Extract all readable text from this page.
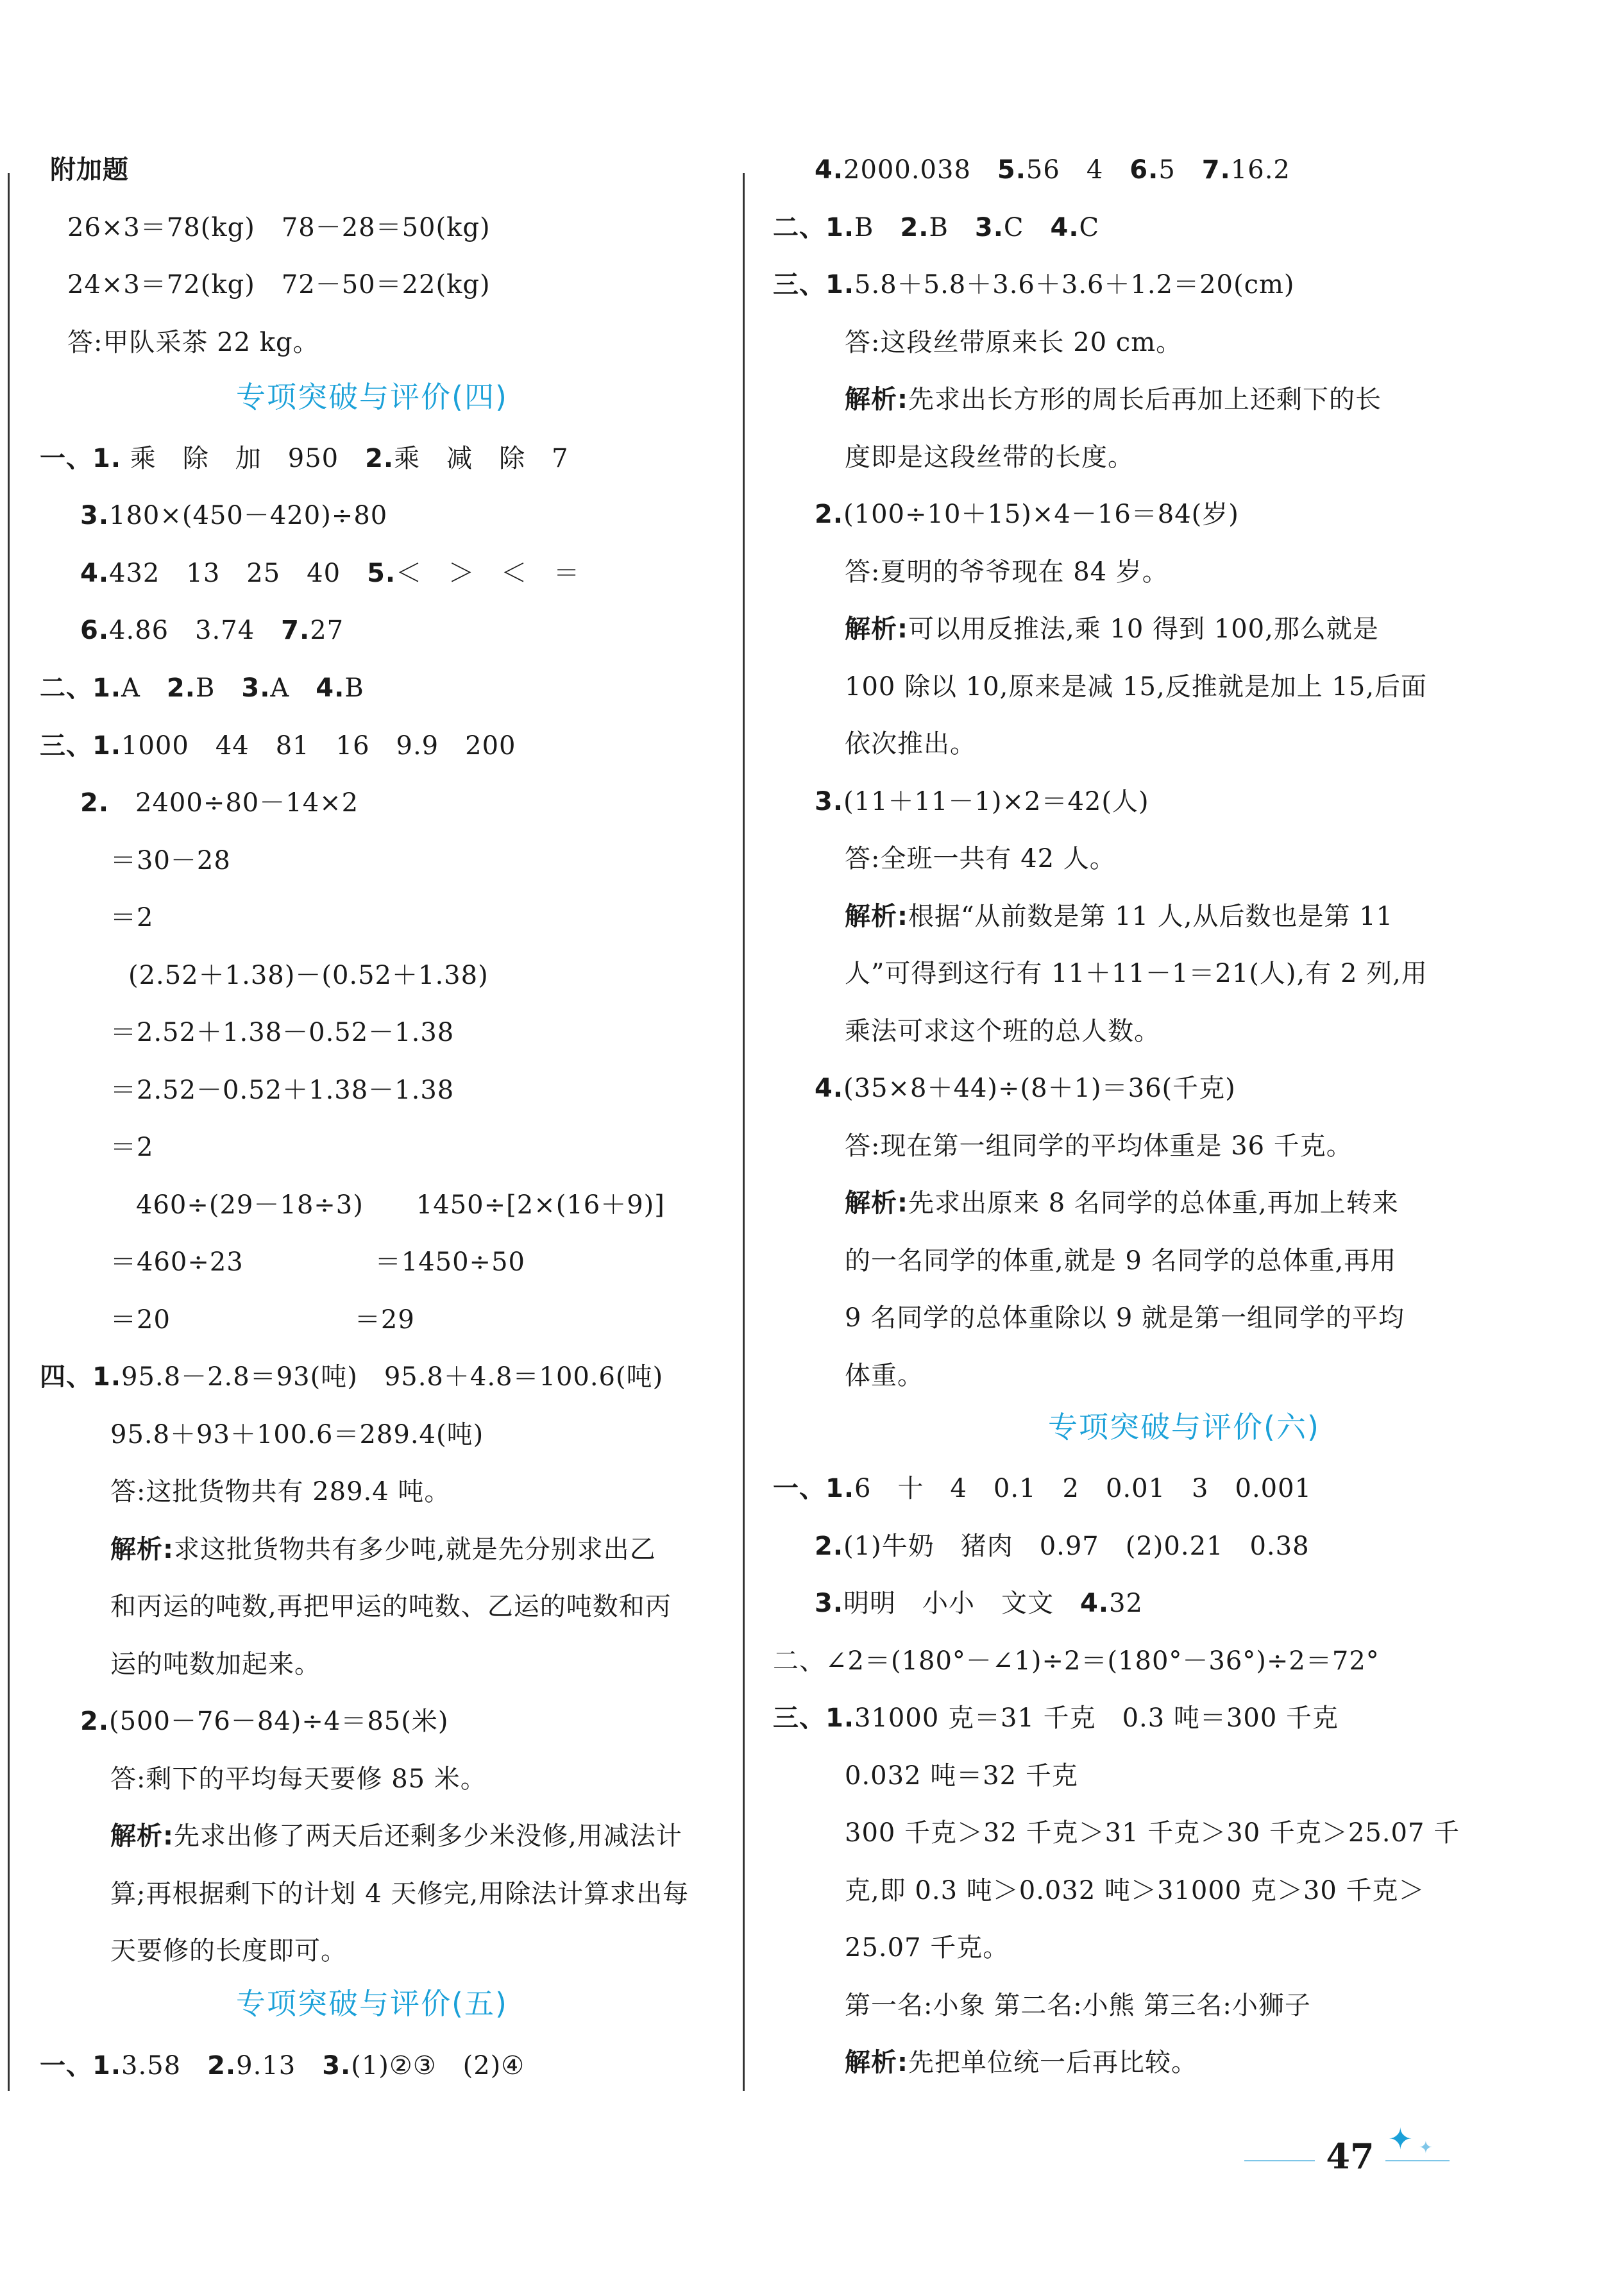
附加题
26×3＝78(kg)　78－28＝50(kg)
24×3＝72(kg)　72－50＝22(kg)
答:甲队采茶 22 kg。
专项突破与评价(四)
一、1. 乘　除　加　950　2.乘　减　除　7
3.180×(450－420)÷80
4.432　13　25　40　5.＜　＞　＜　＝
6.4.86　3.74　7.27
二、1.A　2.B　3.A　4.B
三、1.1000　44　81　16　9.9　200
2.　2400÷80－14×2
＝30－28
＝2
(2.52＋1.38)－(0.52＋1.38)
＝2.52＋1.38－0.52－1.38
＝2.52－0.52＋1.38－1.38
＝2
460÷(29－18÷3)　　1450÷[2×(16＋9)]
＝460÷23　　　　　＝1450÷50
＝20　　　　　　　＝29
四、1.95.8－2.8＝93(吨)　95.8＋4.8＝100.6(吨)
95.8＋93＋100.6＝289.4(吨)
答:这批货物共有 289.4 吨。
解析:求这批货物共有多少吨,就是先分别求出乙
和丙运的吨数,再把甲运的吨数、乙运的吨数和丙
运的吨数加起来。
2.(500－76－84)÷4＝85(米)
答:剩下的平均每天要修 85 米。
解析:先求出修了两天后还剩多少米没修,用减法计
算;再根据剩下的计划 4 天修完,用除法计算求出每
天要修的长度即可。
专项突破与评价(五)
一、1.3.58　2.9.13　3.(1)②③　(2)④
4.2000.038　5.56　4　6.5　7.16.2
二、1.B　2.B　3.C　4.C
三、1.5.8＋5.8＋3.6＋3.6＋1.2＝20(cm)
答:这段丝带原来长 20 cm。
解析:先求出长方形的周长后再加上还剩下的长
度即是这段丝带的长度。
2.(100÷10＋15)×4－16＝84(岁)
答:夏明的爷爷现在 84 岁。
解析:可以用反推法,乘 10 得到 100,那么就是
100 除以 10,原来是减 15,反推就是加上 15,后面
依次推出。
3.(11＋11－1)×2＝42(人)
答:全班一共有 42 人。
解析:根据“从前数是第 11 人,从后数也是第 11
人”可得到这行有 11＋11－1＝21(人),有 2 列,用
乘法可求这个班的总人数。
4.(35×8＋44)÷(8＋1)＝36(千克)
答:现在第一组同学的平均体重是 36 千克。
解析:先求出原来 8 名同学的总体重,再加上转来
的一名同学的体重,就是 9 名同学的总体重,再用
9 名同学的总体重除以 9 就是第一组同学的平均
体重。
专项突破与评价(六)
一、1.6　十　4　0.1　2　0.01　3　0.001
2.(1)牛奶　猪肉　0.97　(2)0.21　0.38
3.明明　小小　文文　4.32
二、∠2＝(180°－∠1)÷2＝(180°－36°)÷2＝72°
三、1.31000 克＝31 千克　0.3 吨＝300 千克
0.032 吨＝32 千克
300 千克＞32 千克＞31 千克＞30 千克＞25.07 千
克,即 0.3 吨＞0.032 吨＞31000 克＞30 千克＞
25.07 千克。
第一名:小象 第二名:小熊 第三名:小狮子
解析:先把单位统一后再比较。
47 ✦ ✦
